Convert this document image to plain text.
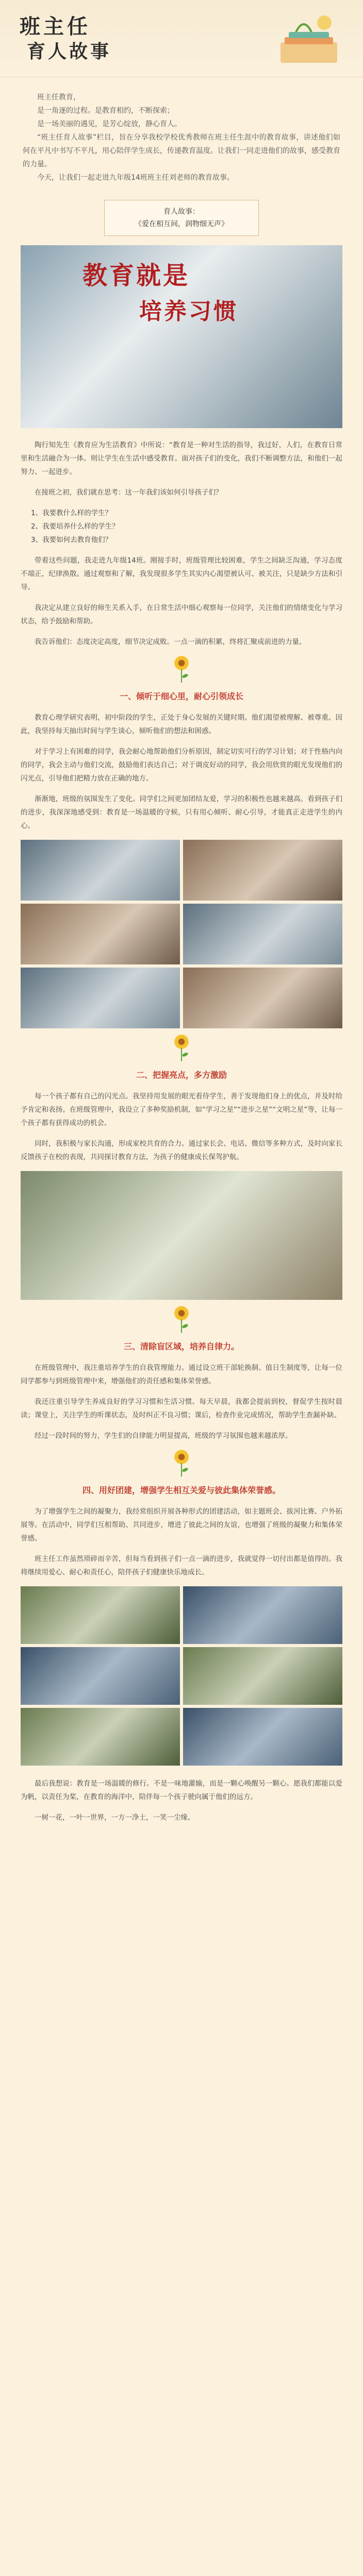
班主任
育人故事

班主任教育，

是一角逐的过程。是教育相约，不断探索；

是一场美丽的遇见，是芳心绽放，静心育人。

“班主任育人故事”栏目，旨在分享我校学校优秀教师在班主任生涯中的教育故事，讲述他们如何在平凡中书写不平凡，用心陪伴学生成长，传递教育温度。让我们一同走进他们的故事，感受教育的力量。

今天，让我们一起走进九年级14班班主任刘老师的教育故事。

育人故事：
《爱在相互间，润物细无声》
教育就是
培养习惯

陶行知先生《教育应为生活教育》中所说：“教育是一种对生活的指导，我过好，人们，在教育日常里和生活融合为一体。则让学生在生活中感受教育。面对孩子们的变化，我们不断调整方法，和他们一起努力、一起进步。

在接班之初，我们就在思考：这一年我们该如何引导孩子们？

1、我要教什么样的学生？
2、我要培养什么样的学生？
3、我要如何去教育他们？

带着这些问题，我走进九年级14班。刚接手时，班级管理比较困难，学生之间缺乏沟通，学习态度不端正，纪律涣散。通过观察和了解，我发现很多学生其实内心渴望被认可、被关注，只是缺少方法和引导。

我决定从建立良好的师生关系入手，在日常生活中细心观察每一位同学，关注他们的情绪变化与学习状态，给予鼓励和帮助。

我告诉他们：态度决定高度，细节决定成败。一点一滴的积累，终将汇聚成前进的力量。

一、倾听于细心里，耐心引领成长

教育心理学研究表明，初中阶段的学生，正处于身心发展的关键时期。他们渴望被理解、被尊重。因此，我坚持每天抽出时间与学生谈心，倾听他们的想法和困惑。

对于学习上有困难的同学，我会耐心地帮助他们分析原因，制定切实可行的学习计划；对于性格内向的同学，我会主动与他们交流，鼓励他们表达自己；对于调皮好动的同学，我会用欣赏的眼光发现他们的闪光点，引导他们把精力放在正确的地方。

渐渐地，班级的氛围发生了变化。同学们之间更加团结友爱，学习的积极性也越来越高。看到孩子们的进步，我深深地感受到：教育是一场温暖的守候，只有用心倾听、耐心引导，才能真正走进学生的内心。

二、把握亮点，多方激励

每一个孩子都有自己的闪光点。我坚持用发展的眼光看待学生，善于发现他们身上的优点，并及时给予肯定和表扬。在班级管理中，我设立了多种奖励机制，如“学习之星”“进步之星”“文明之星”等，让每一个孩子都有获得成功的机会。

同时，我积极与家长沟通，形成家校共育的合力。通过家长会、电话、微信等多种方式，及时向家长反馈孩子在校的表现，共同探讨教育方法，为孩子的健康成长保驾护航。

三、清除盲区域，培养自律力。

在班级管理中，我注重培养学生的自我管理能力。通过设立班干部轮换制、值日生制度等，让每一位同学都参与到班级管理中来，增强他们的责任感和集体荣誉感。

我还注重引导学生养成良好的学习习惯和生活习惯。每天早晨，我都会提前到校，督促学生按时晨读；课堂上，关注学生的听课状态，及时纠正不良习惯；课后，检查作业完成情况，帮助学生查漏补缺。

经过一段时间的努力，学生们的自律能力明显提高，班级的学习氛围也越来越浓厚。

四、用好团建，增强学生相互关爱与彼此集体荣誉感。

为了增强学生之间的凝聚力，我经常组织开展各种形式的团建活动，如主题班会、拔河比赛、户外拓展等。在活动中，同学们互相帮助、共同进步，增进了彼此之间的友谊，也增强了班级的凝聚力和集体荣誉感。

班主任工作虽然琐碎而辛苦，但每当看到孩子们一点一滴的进步，我就觉得一切付出都是值得的。我将继续用爱心、耐心和责任心，陪伴孩子们健康快乐地成长。

最后我想说：教育是一场温暖的修行。不是一味地灌输，而是一颗心唤醒另一颗心。愿我们都能以爱为帆，以责任为桨，在教育的海洋中，陪伴每一个孩子驶向属于他们的远方。

一树一花，一叶一世界，一方一净土，一笑一尘缘。
